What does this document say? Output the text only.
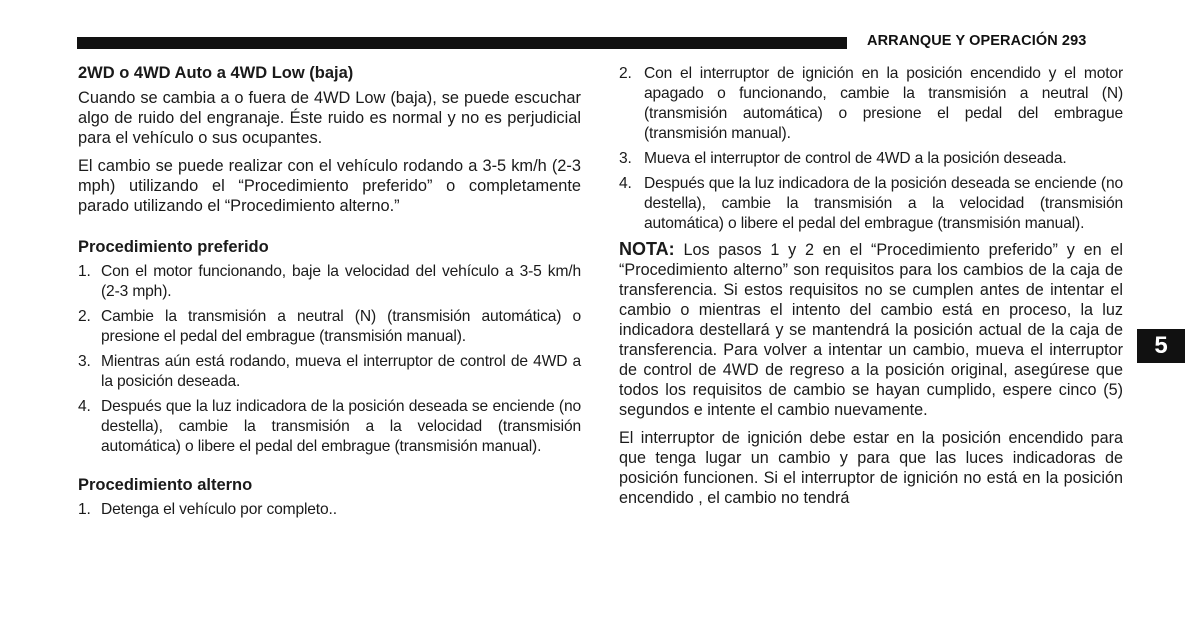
ARRANQUE Y OPERACIÓN 293
2WD o 4WD Auto a 4WD Low (baja)

Cuando se cambia a o fuera de 4WD Low (baja), se puede escuchar algo de ruido del engranaje. Éste ruido es normal y no es perjudicial para el vehículo o sus ocupantes.

El cambio se puede realizar con el vehículo rodando a 3-5 km/h (2-3 mph) utilizando el “Procedimiento preferido” o completamente parado utilizando el “Procedimiento alterno.”

Procedimiento preferido
1. Con el motor funcionando, baje la velocidad del vehículo a 3-5 km/h (2-3 mph).
2. Cambie la transmisión a neutral (N) (transmisión automática) o presione el pedal del embrague (transmisión manual).
3. Mientras aún está rodando, mueva el interruptor de control de 4WD a la posición deseada.
4. Después que la luz indicadora de la posición deseada se enciende (no destella), cambie la transmisión a la velocidad (transmisión automática) o libere el pedal del embrague (transmisión manual).
Procedimiento alterno
1. Detenga el vehículo por completo..
2. Con el interruptor de ignición en la posición encendido y el motor apagado o funcionando, cambie la transmisión a neutral (N) (transmisión automática) o presione el pedal del embrague (transmisión manual).
3. Mueva el interruptor de control de 4WD a la posición deseada.
4. Después que la luz indicadora de la posición deseada se enciende (no destella), cambie la transmisión a la velocidad (transmisión automática) o libere el pedal del embrague (transmisión manual).

NOTA: Los pasos 1 y 2 en el “Procedimiento preferido” y en el “Procedimiento alterno” son requisitos para los cambios de la caja de transferencia. Si estos requisitos no se cumplen antes de intentar el cambio o mientras el intento del cambio está en proceso, la luz indicadora destellará y se mantendrá la posición actual de la caja de transferencia. Para volver a intentar un cambio, mueva el interruptor de control de 4WD de regreso a la posición original, asegúrese que todos los requisitos de cambio se hayan cumplido, espere cinco (5) segundos e intente el cambio nuevamente.

El interruptor de ignición debe estar en la posición encendido para que tenga lugar un cambio y para que las luces indicadoras de posición funcionen. Si el interruptor de ignición no está en la posición encendido , el cambio no tendrá

5
